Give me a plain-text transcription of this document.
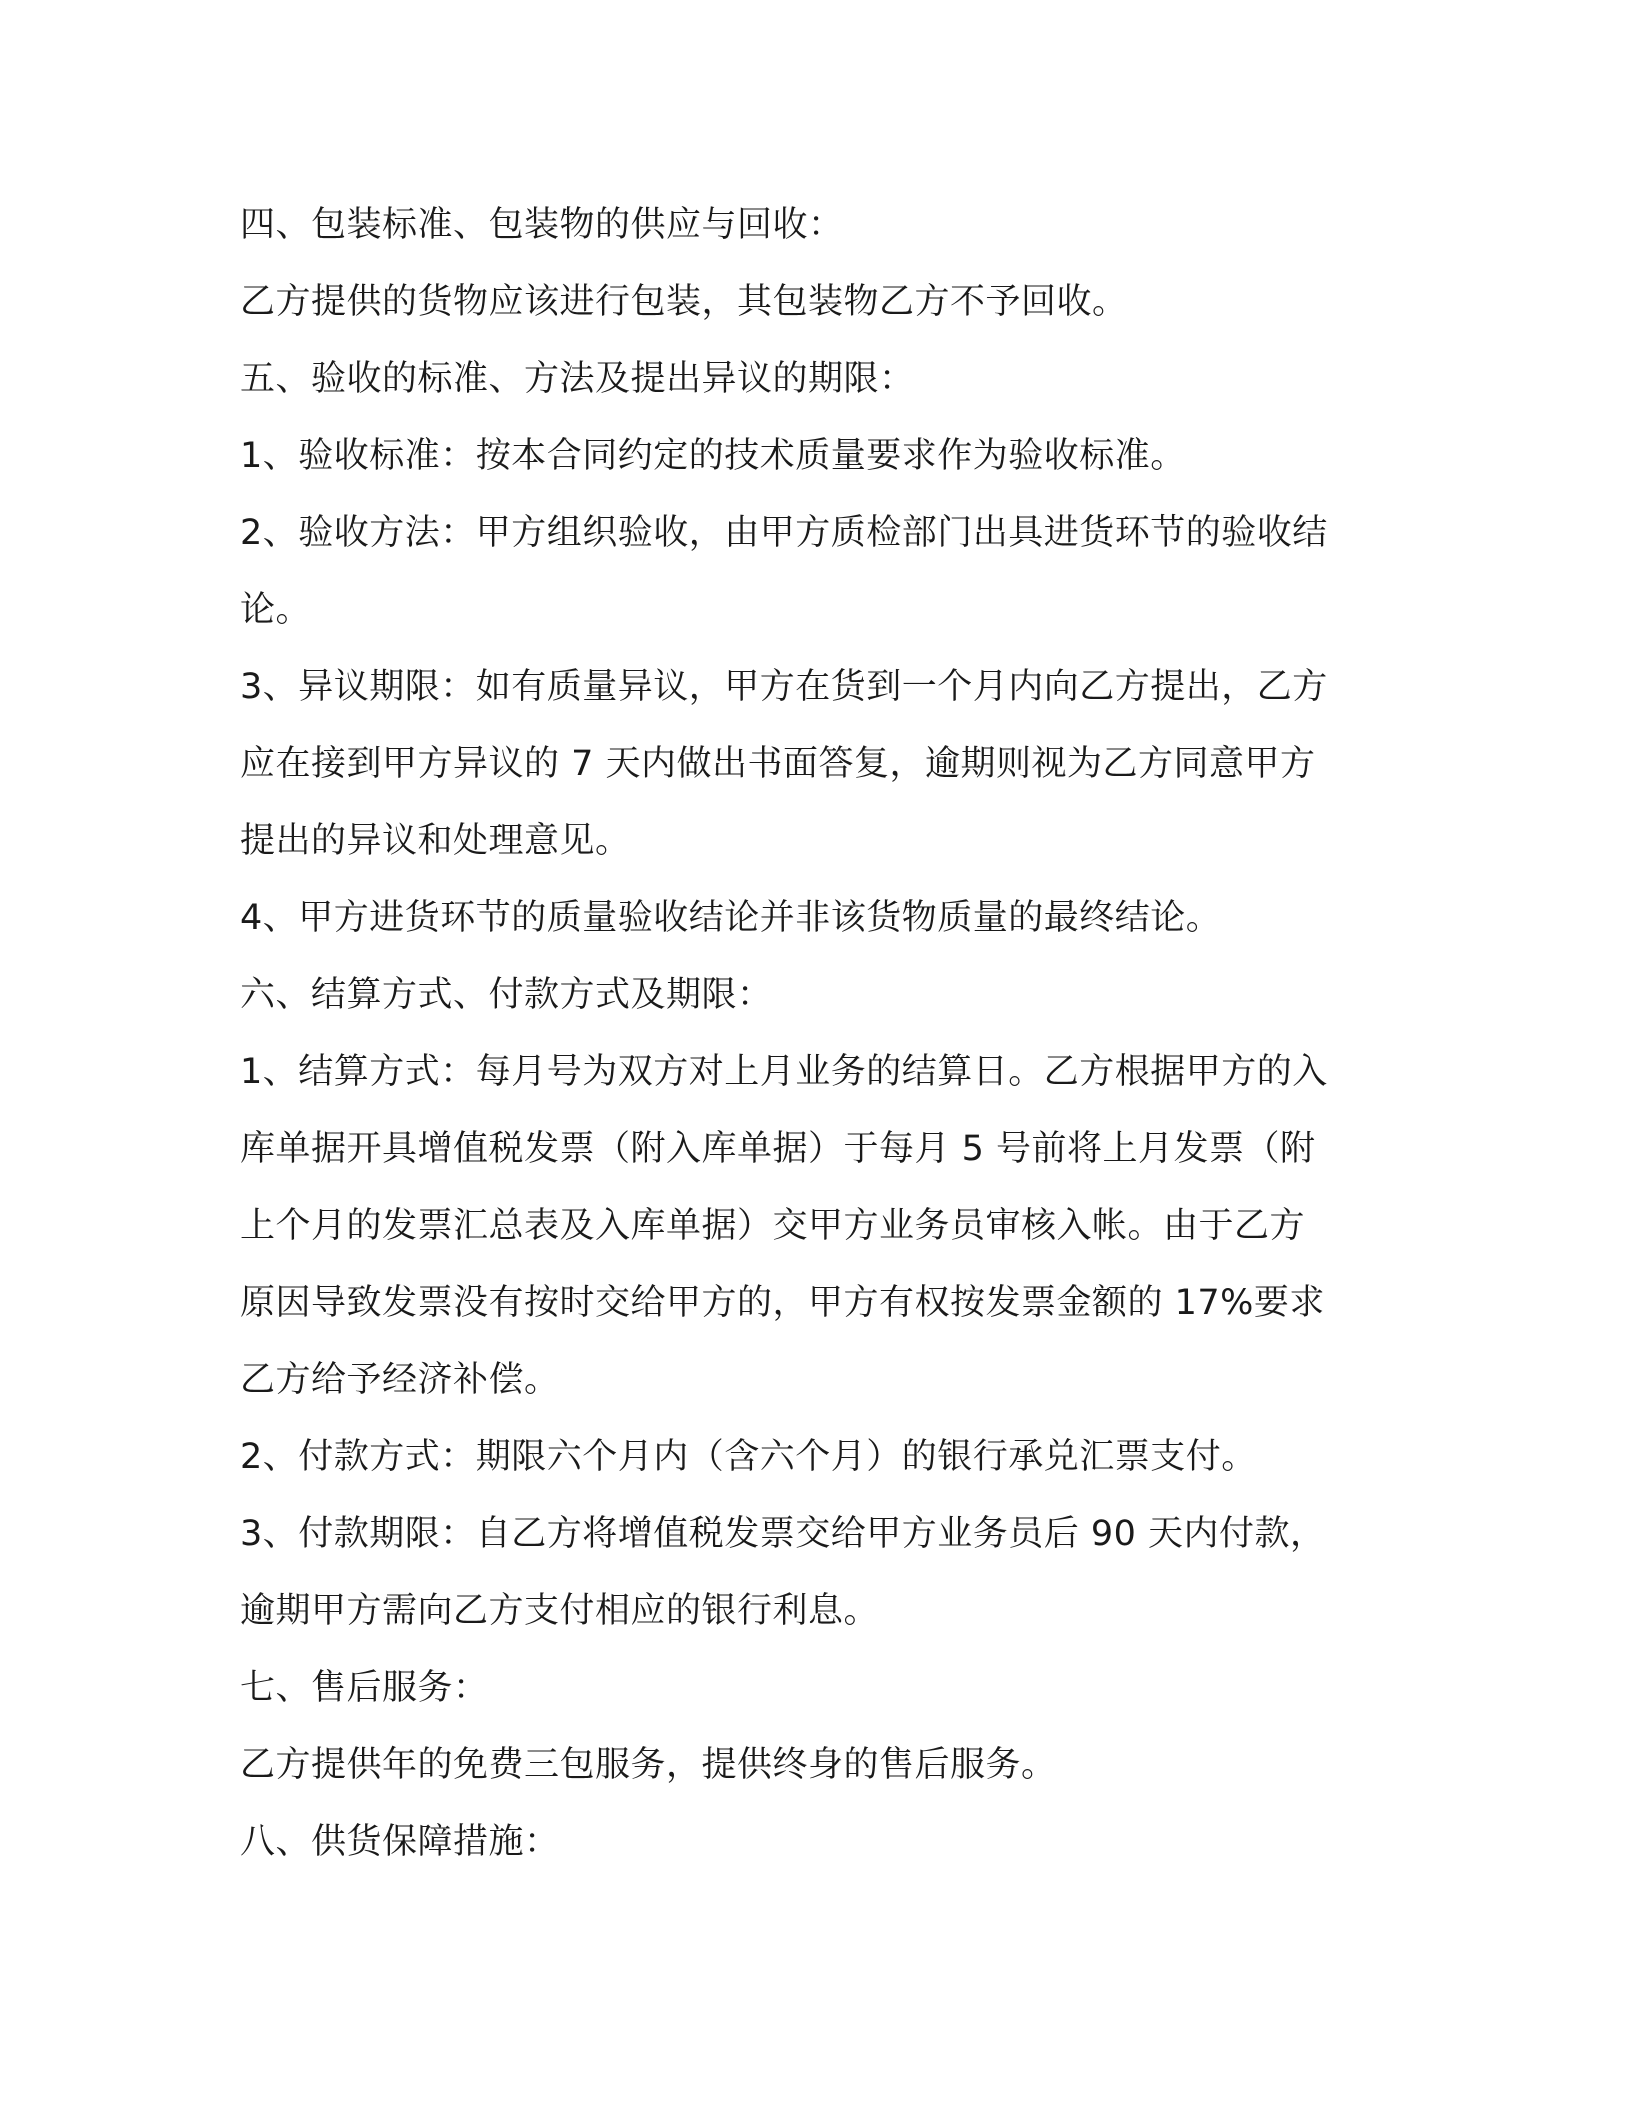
四、包装标准、包装物的供应与回收：
乙方提供的货物应该进行包装，其包装物乙方不予回收。
五、验收的标准、方法及提出异议的期限：
1、验收标准：按本合同约定的技术质量要求作为验收标准。
2、验收方法：甲方组织验收，由甲方质检部门出具进货环节的验收结
论。
3、异议期限：如有质量异议，甲方在货到一个月内向乙方提出，乙方
应在接到甲方异议的 7 天内做出书面答复，逾期则视为乙方同意甲方
提出的异议和处理意见。
4、甲方进货环节的质量验收结论并非该货物质量的最终结论。
六、结算方式、付款方式及期限：
1、结算方式：每月号为双方对上月业务的结算日。乙方根据甲方的入
库单据开具增值税发票（附入库单据）于每月 5 号前将上月发票（附
上个月的发票汇总表及入库单据）交甲方业务员审核入帐。由于乙方
原因导致发票没有按时交给甲方的，甲方有权按发票金额的 17%要求
乙方给予经济补偿。
2、付款方式：期限六个月内（含六个月）的银行承兑汇票支付。
3、付款期限：自乙方将增值税发票交给甲方业务员后 90 天内付款，
逾期甲方需向乙方支付相应的银行利息。
七、售后服务：
乙方提供年的免费三包服务，提供终身的售后服务。
八、供货保障措施：
